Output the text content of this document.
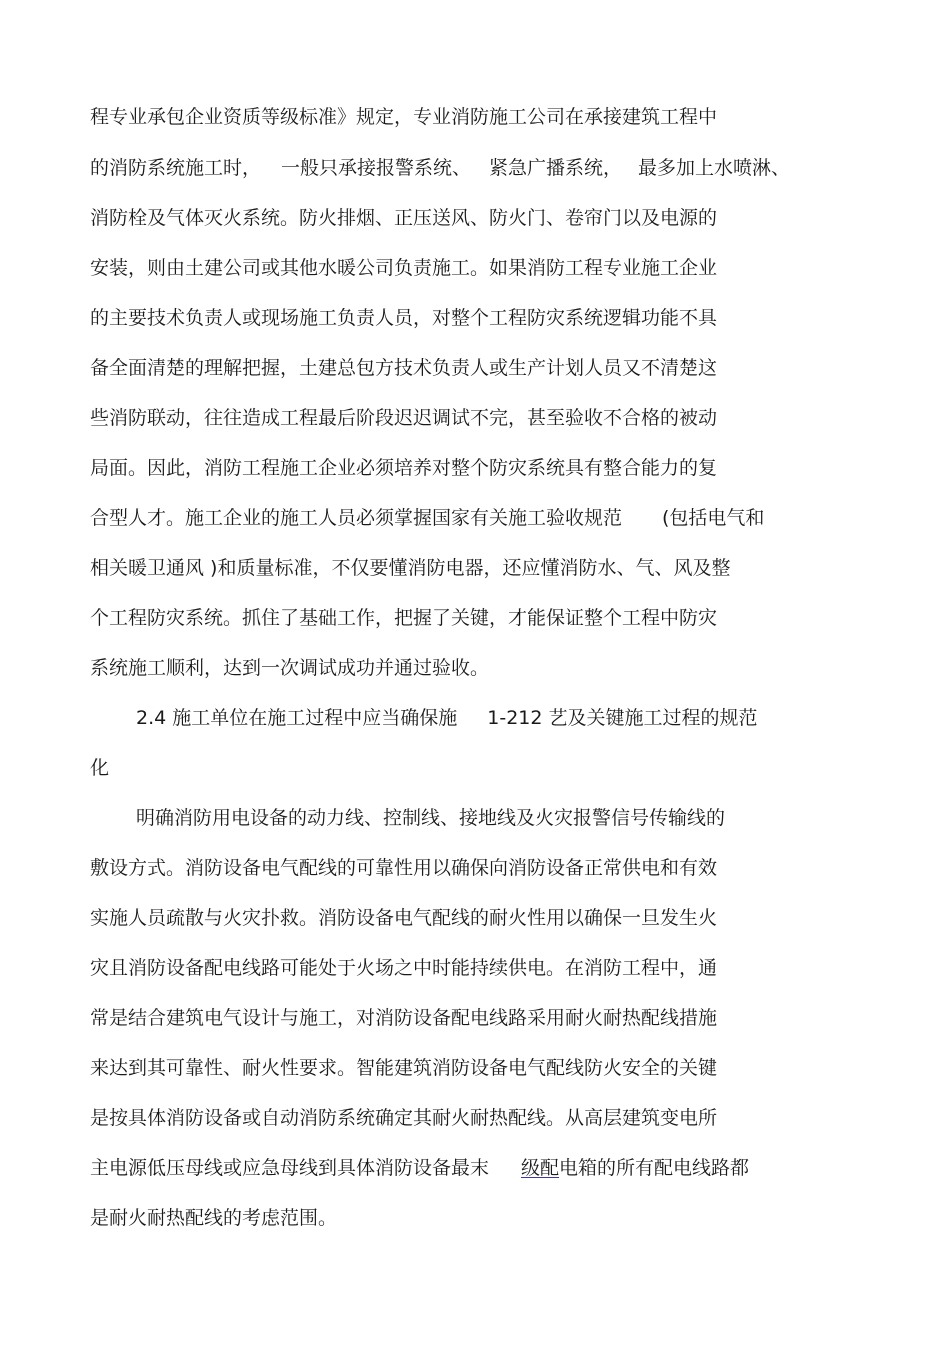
程专业承包企业资质等级标准》规定，专业消防施工公司在承接建筑工程中
的消防系统施工时， 一般只承接报警系统、 紧急广播系统， 最多加上水喷淋、
消防栓及气体灭火系统。防火排烟、正压送风、防火门、卷帘门以及电源的
安装，则由土建公司或其他水暖公司负责施工。如果消防工程专业施工企业
的主要技术负责人或现场施工负责人员，对整个工程防灾系统逻辑功能不具
备全面清楚的理解把握，土建总包方技术负责人或生产计划人员又不清楚这
些消防联动，往往造成工程最后阶段迟迟调试不完，甚至验收不合格的被动
局面。因此，消防工程施工企业必须培养对整个防灾系统具有整合能力的复
合型人才。施工企业的施工人员必须掌握国家有关施工验收规范 (包括电气和
相关暖卫通风 )和质量标准，不仅要懂消防电器，还应懂消防水、气、风及整
个工程防灾系统。抓住了基础工作，把握了关键，才能保证整个工程中防灾
系统施工顺利，达到一次调试成功并通过验收。
2.4 施工单位在施工过程中应当确保施 1-212 艺及关键施工过程的规范
化
明确消防用电设备的动力线、控制线、接地线及火灾报警信号传输线的
敷设方式。消防设备电气配线的可靠性用以确保向消防设备正常供电和有效
实施人员疏散与火灾扑救。消防设备电气配线的耐火性用以确保一旦发生火
灾且消防设备配电线路可能处于火场之中时能持续供电。在消防工程中，通
常是结合建筑电气设计与施工，对消防设备配电线路采用耐火耐热配线措施
来达到其可靠性、耐火性要求。智能建筑消防设备电气配线防火安全的关键
是按具体消防设备或自动消防系统确定其耐火耐热配线。从高层建筑变电所
主电源低压母线或应急母线到具体消防设备最末 级配电箱的所有配电线路都
是耐火耐热配线的考虑范围。
